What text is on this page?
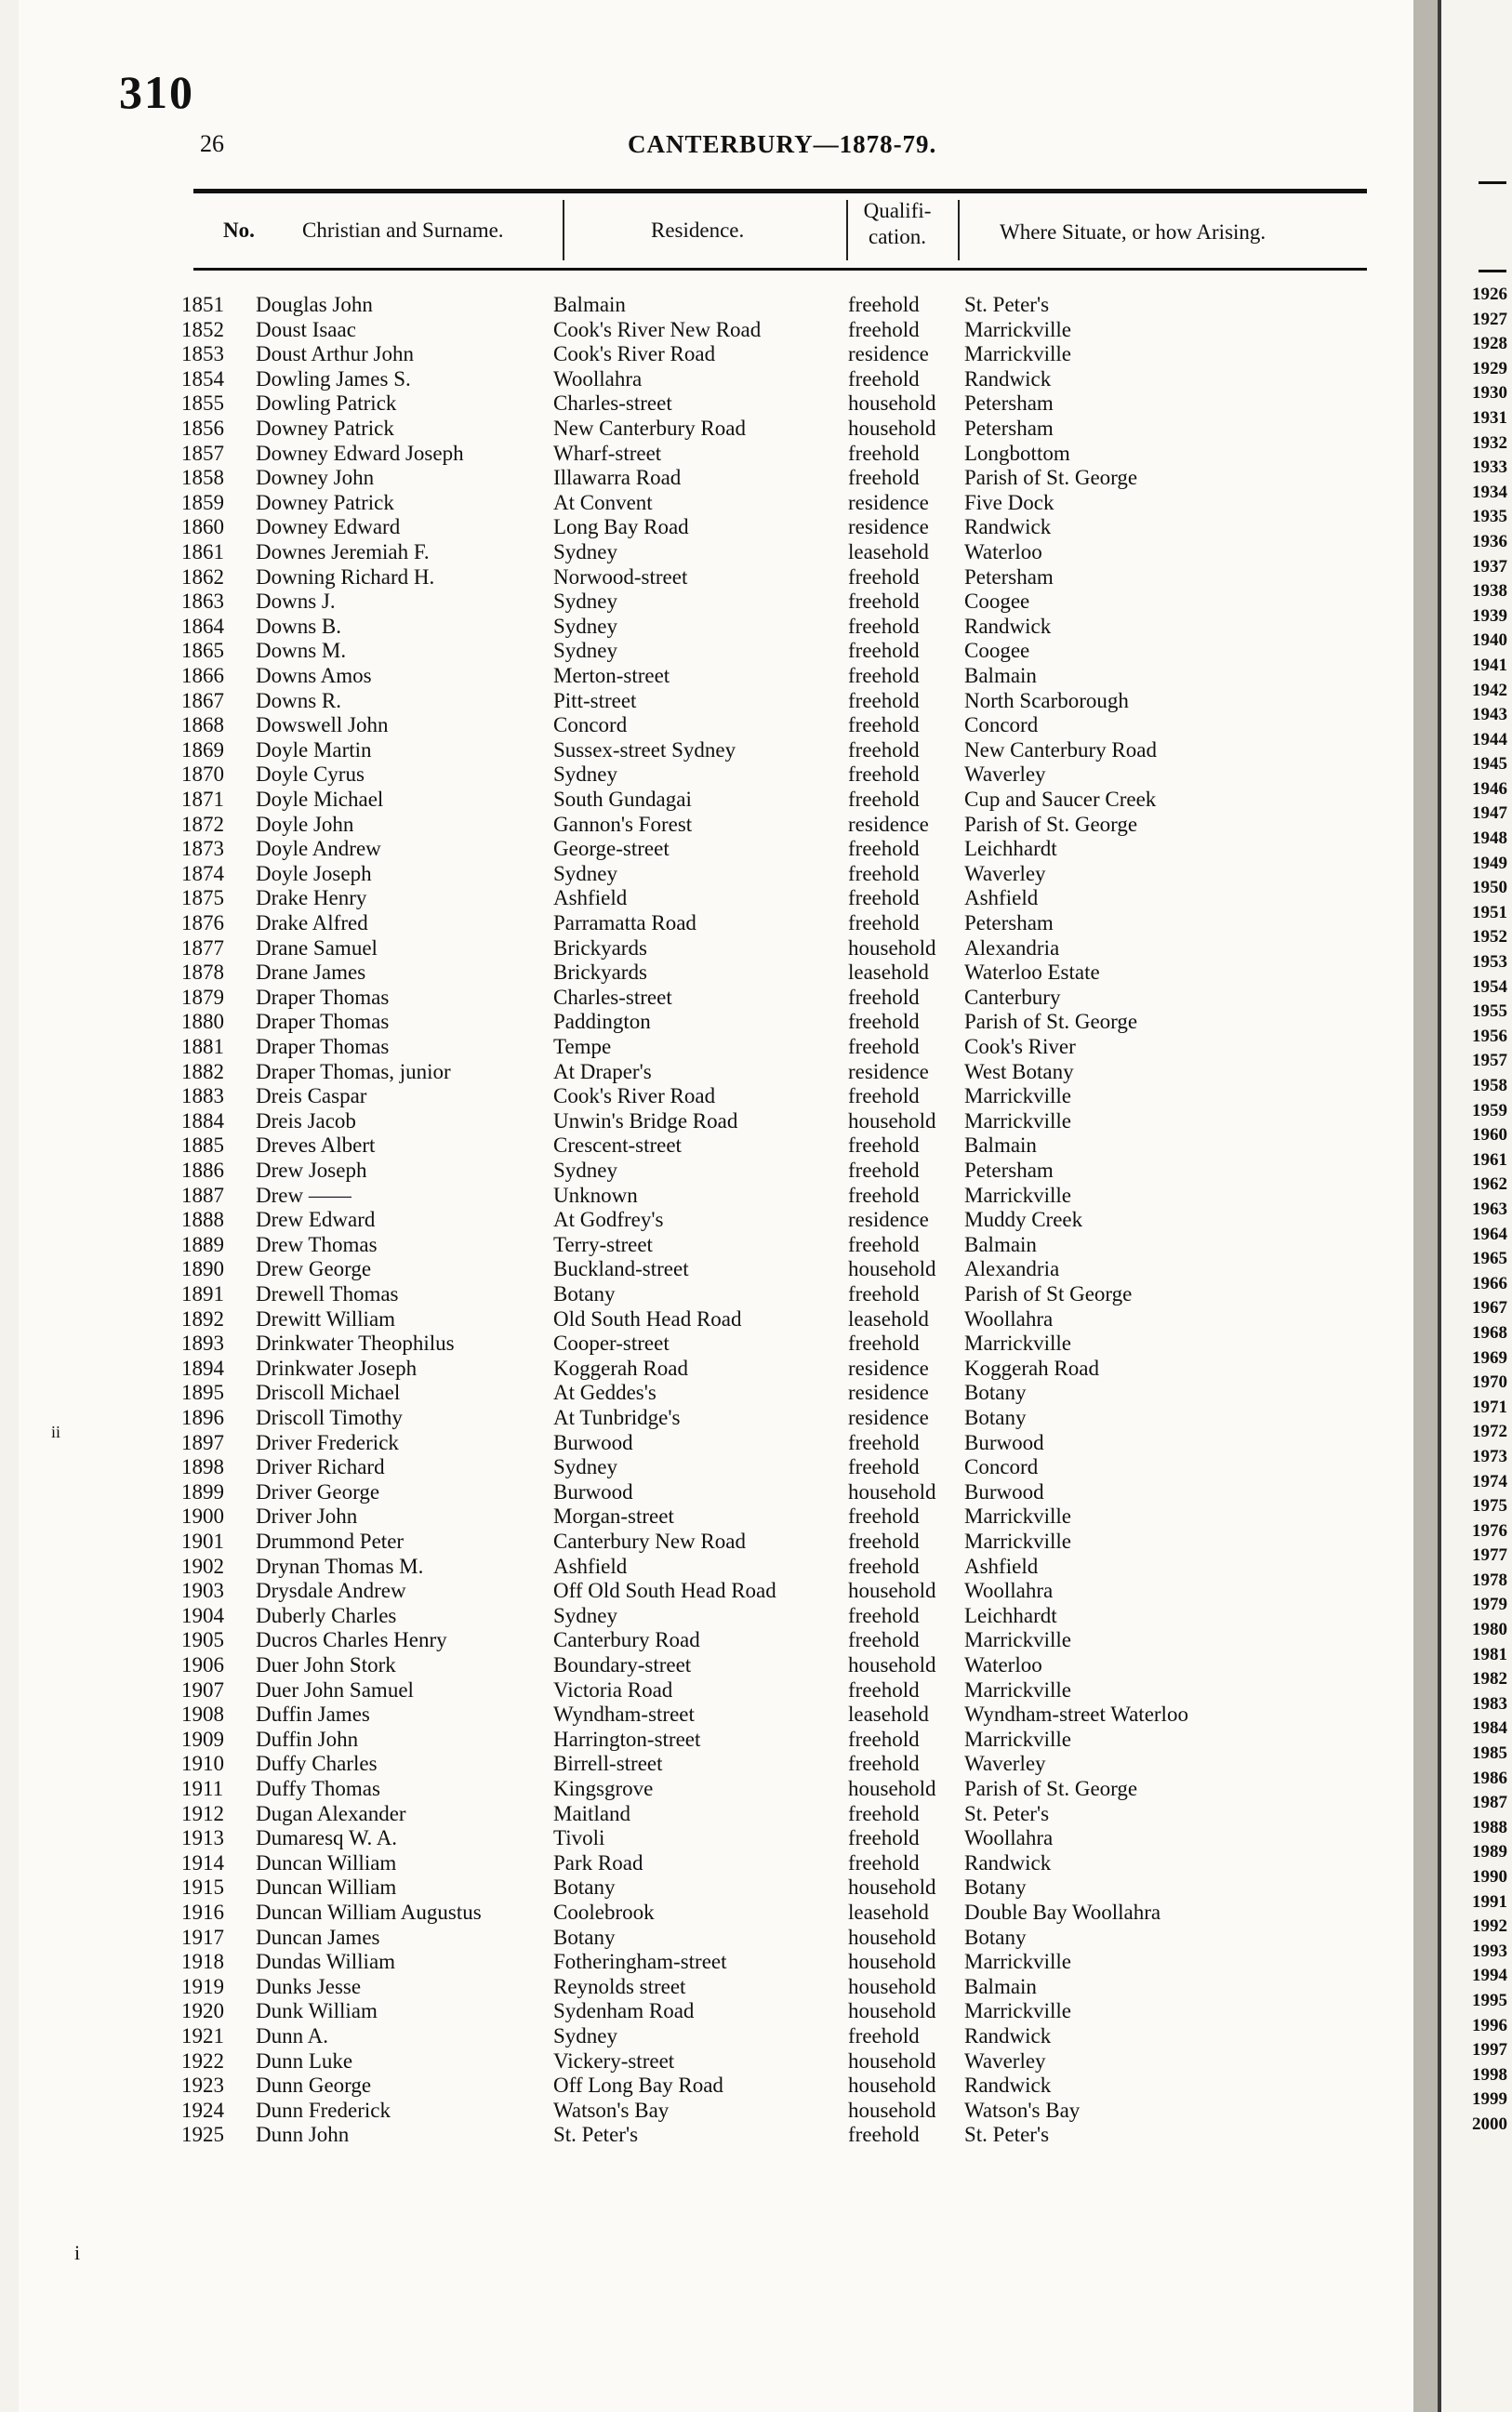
310
26	CANTERBURY—1878-79.
No. Christian and Surname.	Residence.
Qualifi-cation.	Where Situate, or how Arising.
1851 Douglas John	Balmain	freehold St. Peter's
1852 Doust Isaac	Cook's River New Road	freehold Marrickville
1853 Doust Arthur John	Cook's River Road	residence Marrickville
1854 Dowling James S.	Woollahra	freehold Randwick
1855 Dowling Patrick	Charles-street	household Petersham
1856 Downey Patrick	New Canterbury Road	household Petersham
1857 Downey Edward Joseph	Wharf-street	freehold Longbottom
1858 Downey John	Illawarra Road	freehold Parish of St. George
1859 Downey Patrick	At Convent	residence Five Dock
1860 Downey Edward	Long Bay Road	residence Randwick
1861 Downes Jeremiah F.	Sydney	leasehold Waterloo
1862 Downing Richard H.	Norwood-street	freehold Petersham
1863 Downs J.	Sydney	freehold Coogee
1864 Downs B.	Sydney	freehold Randwick
1865 Downs M.	Sydney	freehold Coogee
1866 Downs Amos	Merton-street	freehold Balmain
1867 Downs R.	Pitt-street	freehold North Scarborough
1868 Dowswell John	Concord	freehold Concord
1869 Doyle Martin	Sussex-street Sydney	freehold New Canterbury Road
1870 Doyle Cyrus	Sydney	freehold Waverley
1871 Doyle Michael	South Gundagai	freehold Cup and Saucer Creek
1872 Doyle John	Gannon's Forest	residence Parish of St. George
1873 Doyle Andrew	George-street	freehold Leichhardt
1874 Doyle Joseph	Sydney	freehold Waverley
1875 Drake Henry	Ashfield	freehold Ashfield
1876 Drake Alfred	Parramatta Road	freehold Petersham
1877 Drane Samuel	Brickyards	household Alexandria
1878 Drane James	Brickyards	leasehold Waterloo Estate
1879 Draper Thomas	Charles-street	freehold Canterbury
1880 Draper Thomas	Paddington	freehold Parish of St. George
1881 Draper Thomas	Tempe	freehold Cook's River
1882 Draper Thomas, junior	At Draper's	residence West Botany
1883 Dreis Caspar	Cook's River Road	freehold Marrickville
1884 Dreis Jacob	Unwin's Bridge Road	household Marrickville
1885 Dreves Albert	Crescent-street	freehold Balmain
1886 Drew Joseph	Sydney	freehold Petersham
1887 Drew ——	Unknown	freehold Marrickville
1888 Drew Edward	At Godfrey's	residence Muddy Creek
1889 Drew Thomas	Terry-street	freehold Balmain
1890 Drew George	Buckland-street	household Alexandria
1891 Drewell Thomas	Botany	freehold Parish of St George
1892 Drewitt William	Old South Head Road	leasehold Woollahra
1893 Drinkwater Theophilus	Cooper-street	freehold Marrickville
1894 Drinkwater Joseph	Koggerah Road	residence Koggerah Road
1895 Driscoll Michael	At Geddes's	residence Botany
1896 Driscoll Timothy	At Tunbridge's	residence Botany
1897 Driver Frederick	Burwood	freehold Burwood
1898 Driver Richard	Sydney	freehold Concord
1899 Driver George	Burwood	household Burwood
1900 Driver John	Morgan-street	freehold Marrickville
1901 Drummond Peter	Canterbury New Road	freehold Marrickville
1902 Drynan Thomas M.	Ashfield	freehold Ashfield
1903 Drysdale Andrew	Off Old South Head Road	household Woollahra
1904 Duberly Charles	Sydney	freehold Leichhardt
1905 Ducros Charles Henry	Canterbury Road	freehold Marrickville
1906 Duer John Stork	Boundary-street	household Waterloo
1907 Duer John Samuel	Victoria Road	freehold Marrickville
1908 Duffin James	Wyndham-street	leasehold Wyndham-street Waterloo
1909 Duffin John	Harrington-street	freehold Marrickville
1910 Duffy Charles	Birrell-street	freehold Waverley
1911 Duffy Thomas	Kingsgrove	household Parish of St. George
1912 Dugan Alexander	Maitland	freehold St. Peter's
1913 Dumaresq W. A.	Tivoli	freehold Woollahra
1914 Duncan William	Park Road	freehold Randwick
1915 Duncan William	Botany	household Botany
1916 Duncan William Augustus	Coolebrook	leasehold Double Bay Woollahra
1917 Duncan James	Botany	household Botany
1918 Dundas William	Fotheringham-street	household Marrickville
1919 Dunks Jesse	Reynolds street	household Balmain
1920 Dunk William	Sydenham Road	household Marrickville
1921 Dunn A.	Sydney	freehold Randwick
1922 Dunn Luke	Vickery-street	household Waverley
1923 Dunn George	Off Long Bay Road	household Randwick
1924 Dunn Frederick	Watson's Bay	household Watson's Bay
1925 Dunn John	St. Peter's	freehold St. Peter's
1926
1927
1928
1929
1930
1931
1932
1933
1934
1935
1936
1937
1938
1939
1940
1941
1942
1943
1944
1945
1946
1947
1948
1949
1950
1951
1952
1953
1954
1955
1956
1957
1958
1959
1960
1961
1962
1963
1964
1965
1966
1967
1968
1969
1970
1971
1972
1973
1974
1975
1976
1977
1978
1979
1980
1981
1982
1983
1984
1985
1986
1987
1988
1989
1990
1991
1992
1993
1994
1995
1996
1997
1998
1999
2000
ii
i
